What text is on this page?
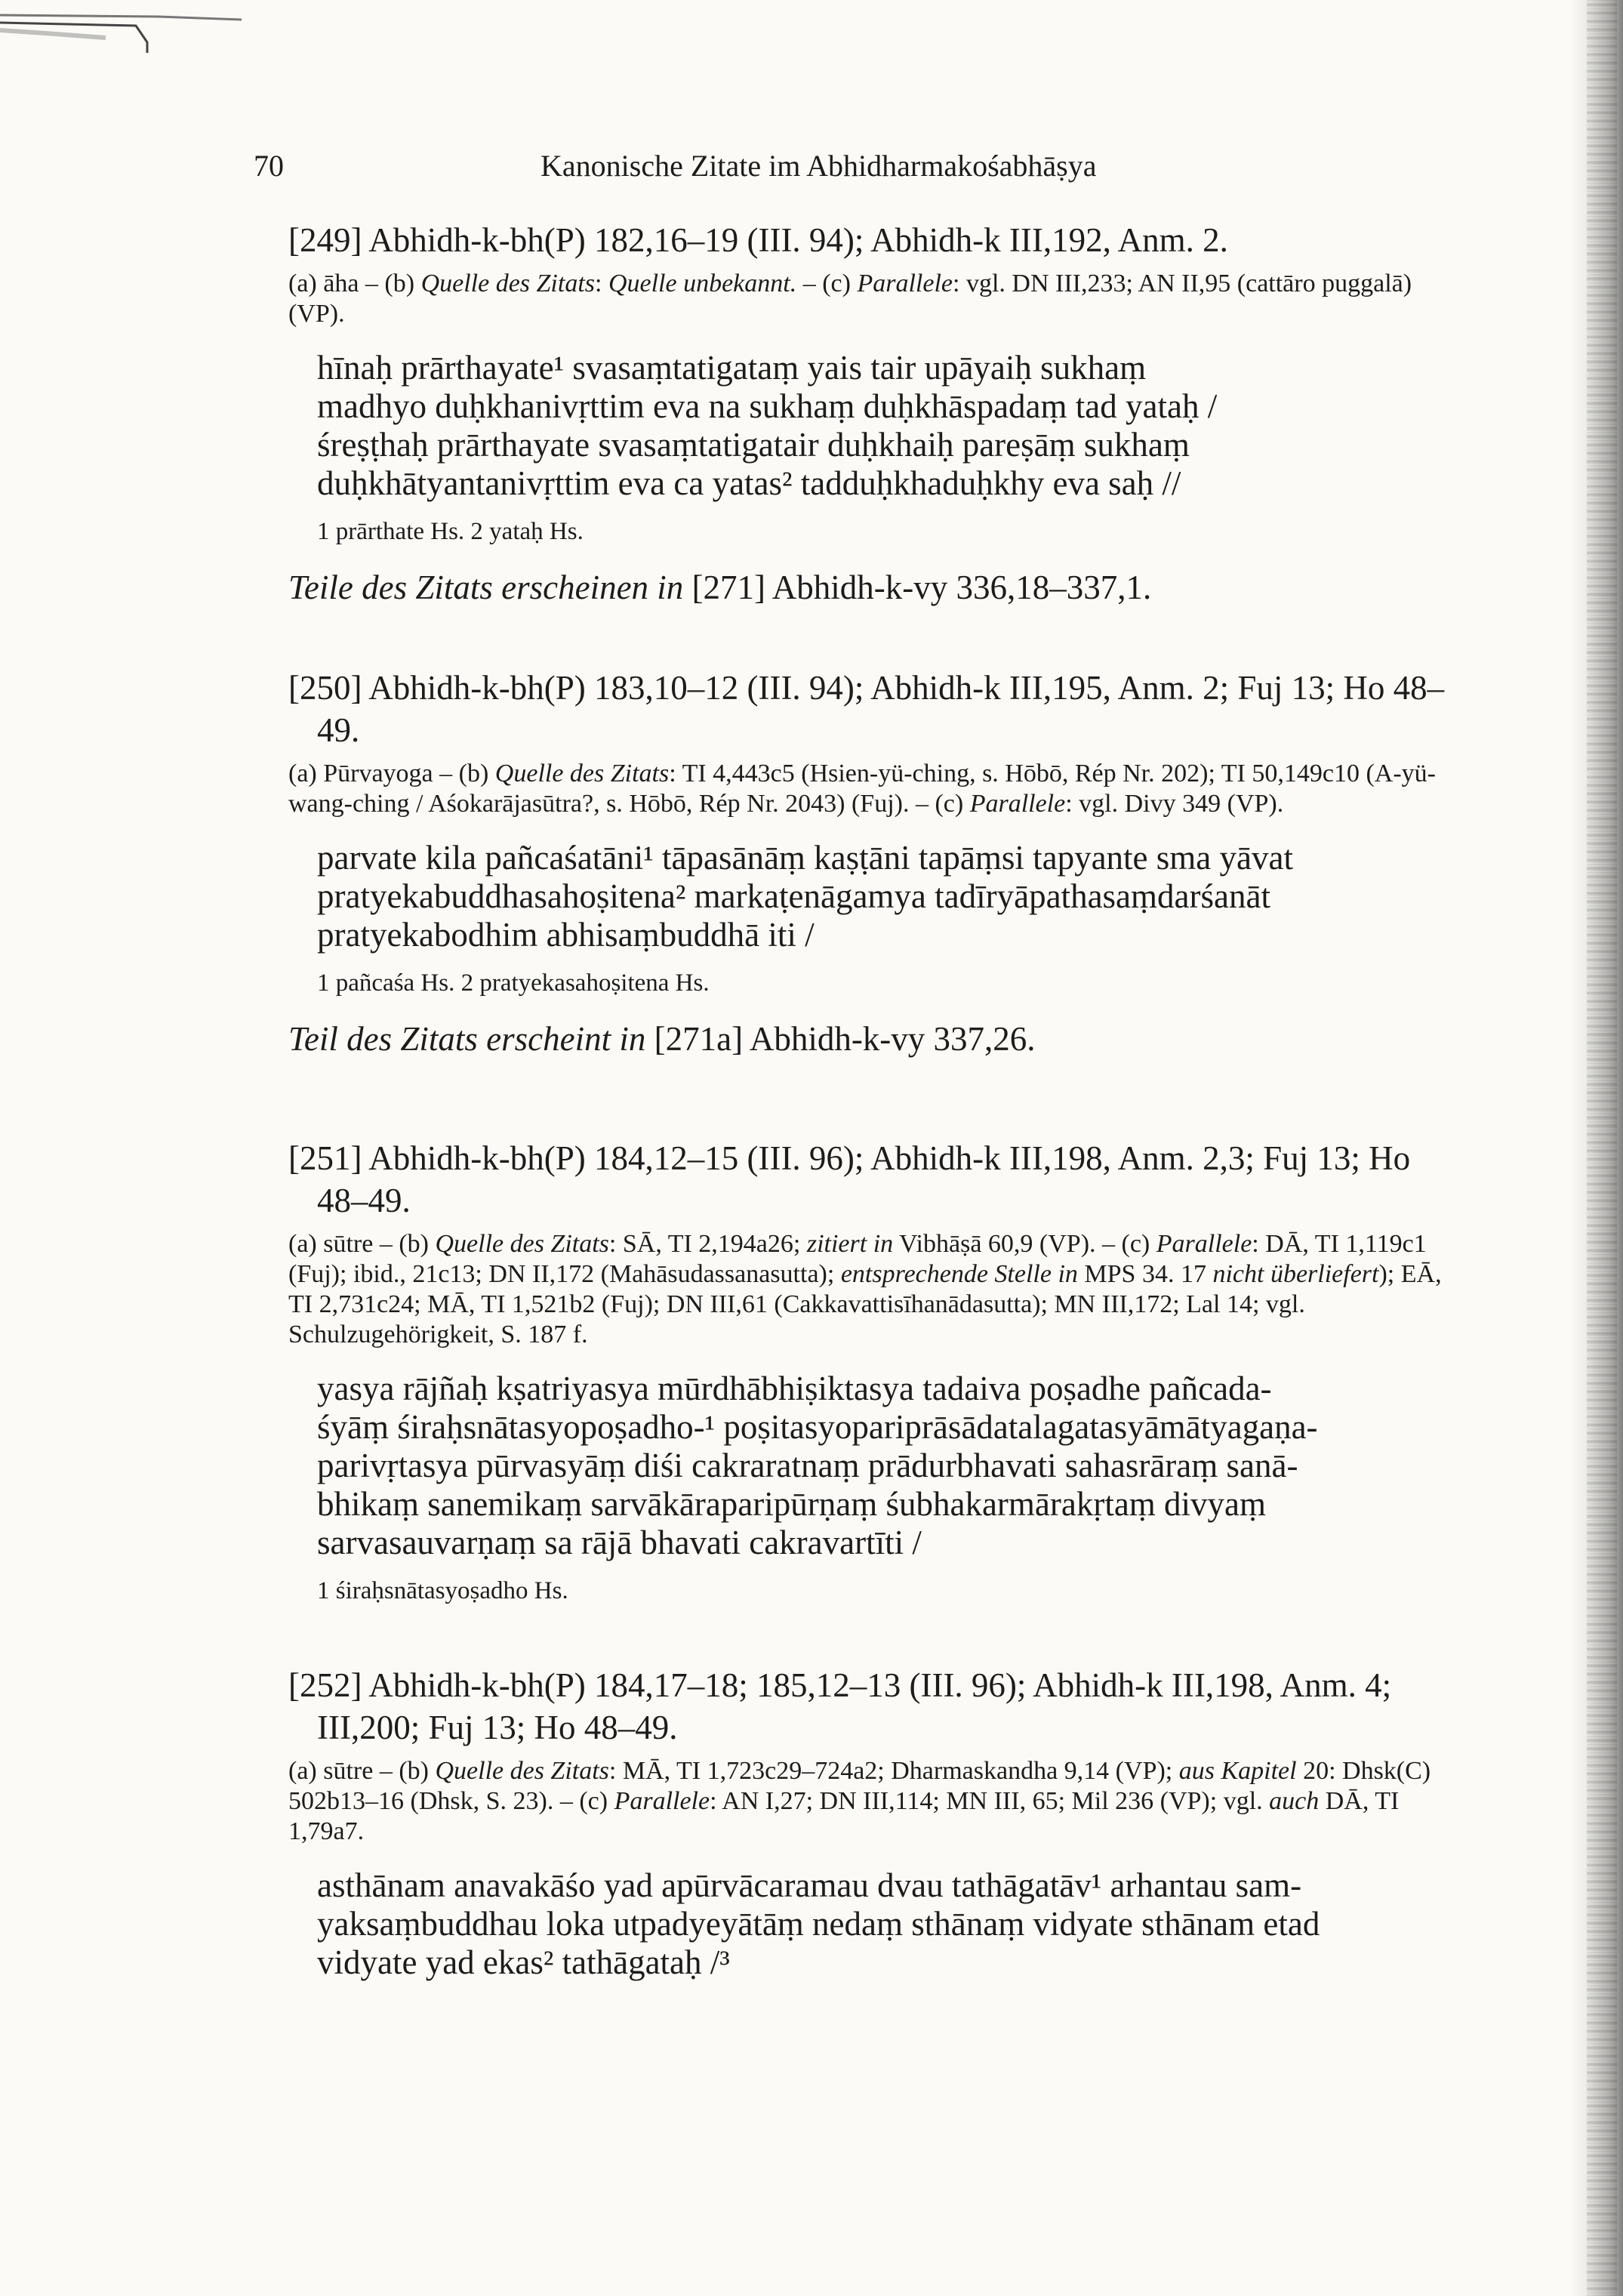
70	Kanonische Zitate im Abhidharmakośabhāṣya

[249] Abhidh-k-bh(P) 182,16–19 (III. 94); Abhidh-k III,192, Anm. 2.

(a) āha – (b) Quelle des Zitats: Quelle unbekannt. – (c) Parallele: vgl. DN III,233; AN II,95 (cattāro puggalā) (VP).

hīnaḥ prārthayate¹ svasaṃtatigataṃ yais tair upāyaiḥ sukhaṃ
madhyo duḥkhanivṛttim eva na sukhaṃ duḥkhāspadaṃ tad yataḥ /
śreṣṭhaḥ prārthayate svasaṃtatigatair duḥkhaiḥ pareṣāṃ sukhaṃ
duḥkhātyantanivṛttim eva ca yatas² tadduḥkhaduḥkhy eva saḥ //

1 prārthate Hs. 2 yataḥ Hs.

Teile des Zitats erscheinen in [271] Abhidh-k-vy 336,18–337,1.

[250] Abhidh-k-bh(P) 183,10–12 (III. 94); Abhidh-k III,195, Anm. 2; Fuj 13; Ho 48–49.

(a) Pūrvayoga – (b) Quelle des Zitats: TI 4,443c5 (Hsien-yü-ching, s. Hōbō, Rép Nr. 202); TI 50,149c10 (A-yü-wang-ching / Aśokarājasūtra?, s. Hōbō, Rép Nr. 2043) (Fuj). – (c) Parallele: vgl. Divy 349 (VP).

parvate kila pañcaśatāni¹ tāpasānāṃ kaṣṭāni tapāṃsi tapyante sma yāvat
pratyekabuddhasahoṣitena² markaṭenāgamya tadīryāpathasaṃdarśanāt
pratyekabodhim abhisaṃbuddhā iti /

1 pañcaśa Hs. 2 pratyekasahoṣitena Hs.

Teil des Zitats erscheint in [271a] Abhidh-k-vy 337,26.

[251] Abhidh-k-bh(P) 184,12–15 (III. 96); Abhidh-k III,198, Anm. 2,3; Fuj 13; Ho 48–49.

(a) sūtre – (b) Quelle des Zitats: SĀ, TI 2,194a26; zitiert in Vibhāṣā 60,9 (VP). – (c) Parallele: DĀ, TI 1,119c1 (Fuj); ibid., 21c13; DN II,172 (Mahāsudassanasutta); entsprechende Stelle in MPS 34. 17 nicht überliefert); EĀ, TI 2,731c24; MĀ, TI 1,521b2 (Fuj); DN III,61 (Cakkavattisīhanādasutta); MN III,172; Lal 14; vgl. Schulzugehörigkeit, S. 187 f.

yasya rājñaḥ kṣatriyasya mūrdhābhiṣiktasya tadaiva poṣadhe pañcada-
śyāṃ śiraḥsnātasyopoṣadho-¹ poṣitasyopariprāsādatalagatasyāmātyagaṇa-
parivṛtasya pūrvasyāṃ diśi cakraratnaṃ prādurbhavati sahasrāraṃ sanā-
bhikaṃ sanemikaṃ sarvākāraparipūrṇaṃ śubhakarmārakṛtaṃ divyaṃ
sarvasauvarṇaṃ sa rājā bhavati cakravartīti /

1 śiraḥsnātasyoṣadho Hs.

[252] Abhidh-k-bh(P) 184,17–18; 185,12–13 (III. 96); Abhidh-k III,198, Anm. 4; III,200; Fuj 13; Ho 48–49.

(a) sūtre – (b) Quelle des Zitats: MĀ, TI 1,723c29–724a2; Dharmaskandha 9,14 (VP); aus Kapitel 20: Dhsk(C) 502b13–16 (Dhsk, S. 23). – (c) Parallele: AN I,27; DN III,114; MN III, 65; Mil 236 (VP); vgl. auch DĀ, TI 1,79a7.

asthānam anavakāśo yad apūrvācaramau dvau tathāgatāv¹ arhantau sam-
yaksaṃbuddhau loka utpadyeyātāṃ nedaṃ sthānaṃ vidyate sthānam etad
vidyate yad ekas² tathāgataḥ /³
